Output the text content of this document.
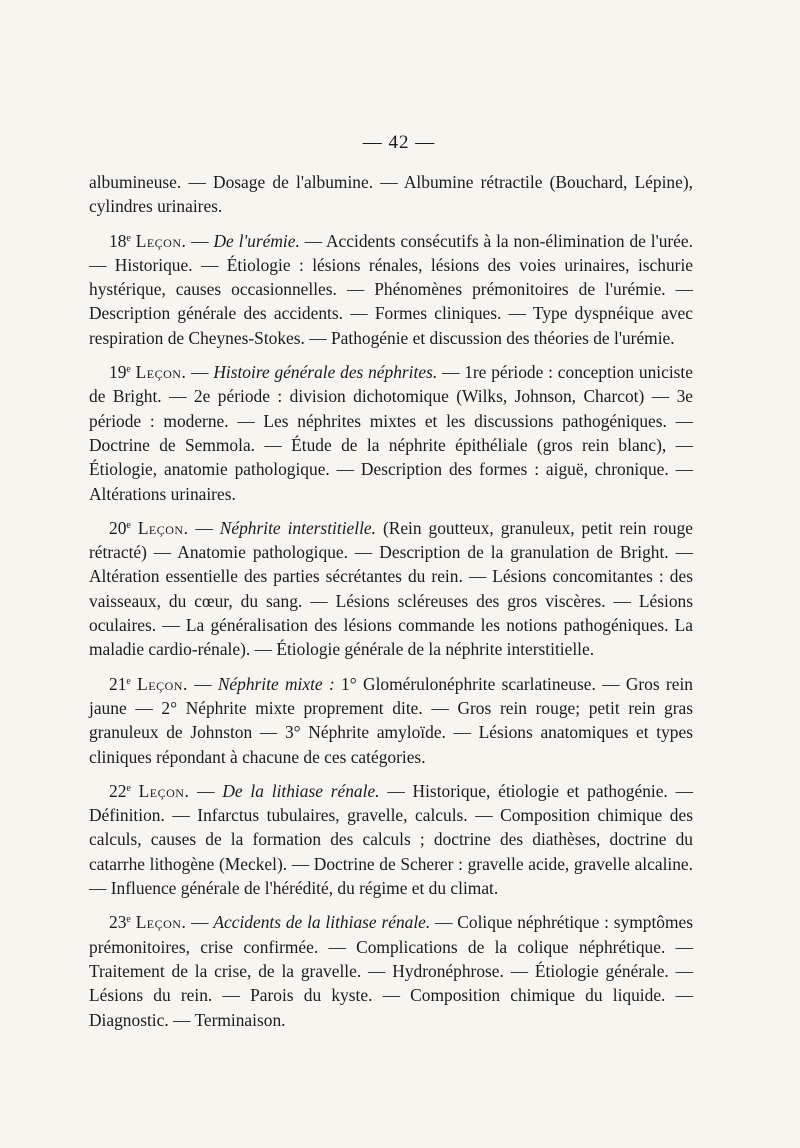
— 42 —

albumineuse. — Dosage de l'albumine. — Albumine rétractile (Bouchard, Lépine), cylindres urinaires.

18e Leçon. — De l'urémie. — Accidents consécutifs à la non-élimination de l'urée. — Historique. — Étiologie : lésions rénales, lésions des voies urinaires, ischurie hystérique, causes occasionnelles. — Phénomènes prémonitoires de l'urémie. — Description générale des accidents. — Formes cliniques. — Type dyspnéique avec respiration de Cheynes-Stokes. — Pathogénie et discussion des théories de l'urémie.

19e Leçon. — Histoire générale des néphrites. — 1re période : conception uniciste de Bright. — 2e période : division dichotomique (Wilks, Johnson, Charcot) — 3e période : moderne. — Les néphrites mixtes et les discussions pathogéniques. — Doctrine de Semmola. — Étude de la néphrite épithéliale (gros rein blanc), — Étiologie, anatomie pathologique. — Description des formes : aiguë, chronique. — Altérations urinaires.

20e Leçon. — Néphrite interstitielle. (Rein goutteux, granuleux, petit rein rouge rétracté) — Anatomie pathologique. — Description de la granulation de Bright. — Altération essentielle des parties sécrétantes du rein. — Lésions concomitantes : des vaisseaux, du cœur, du sang. — Lésions scléreuses des gros viscères. — Lésions oculaires. — La généralisation des lésions commande les notions pathogéniques. La maladie cardio-rénale). — Étiologie générale de la néphrite interstitielle.

21e Leçon. — Néphrite mixte : 1° Glomérulonéphrite scarlatineuse. — Gros rein jaune — 2° Néphrite mixte proprement dite. — Gros rein rouge; petit rein gras granuleux de Johnston — 3° Néphrite amyloïde. — Lésions anatomiques et types cliniques répondant à chacune de ces catégories.

22e Leçon. — De la lithiase rénale. — Historique, étiologie et pathogénie. — Définition. — Infarctus tubulaires, gravelle, calculs. — Composition chimique des calculs, causes de la formation des calculs ; doctrine des diathèses, doctrine du catarrhe lithogène (Meckel). — Doctrine de Scherer : gravelle acide, gravelle alcaline. — Influence générale de l'hérédité, du régime et du climat.

23e Leçon. — Accidents de la lithiase rénale. — Colique néphrétique : symptômes prémonitoires, crise confirmée. — Complications de la colique néphrétique. — Traitement de la crise, de la gravelle. — Hydronéphrose. — Étiologie générale. — Lésions du rein. — Parois du kyste. — Composition chimique du liquide. — Diagnostic. — Terminaison.
